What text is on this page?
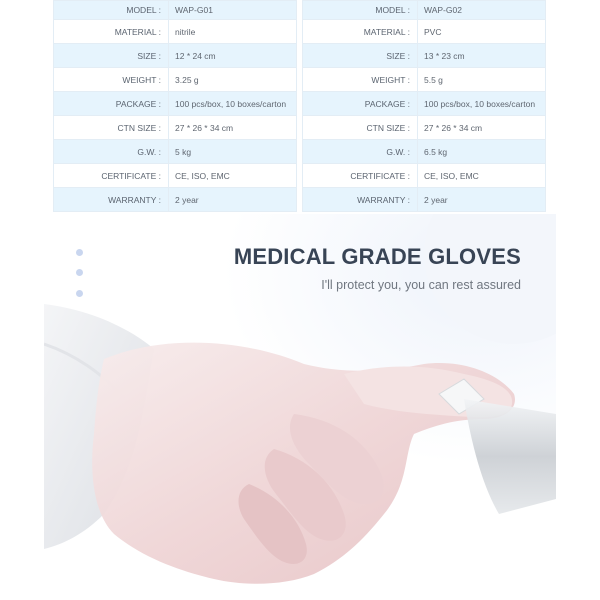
MODEL :	WAP-G01
MATERIAL :	nitrile
SIZE :	12 * 24 cm
WEIGHT :	3.25 g
PACKAGE :	100 pcs/box, 10 boxes/carton
CTN SIZE :	27 * 26 * 34 cm
G.W. :	5 kg
CERTIFICATE :	CE, ISO, EMC
WARRANTY :	2 year
MODEL :	WAP-G02
MATERIAL :	PVC
SIZE :	13 * 23 cm
WEIGHT :	5.5 g
PACKAGE :	100 pcs/box, 10 boxes/carton
CTN SIZE :	27 * 26 * 34 cm
G.W. :	6.5 kg
CERTIFICATE :	CE, ISO, EMC
WARRANTY :	2 year
MEDICAL GRADE GLOVES
I'll protect you, you can rest assured
